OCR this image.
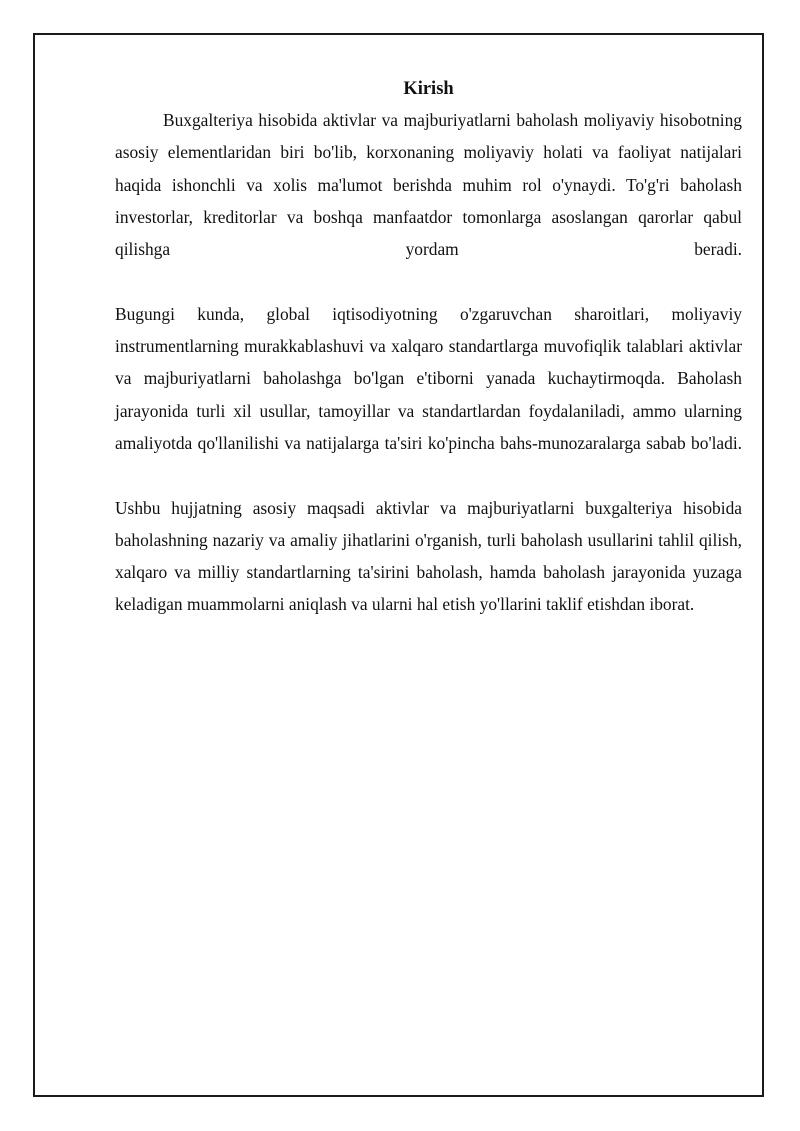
Kirish

Buxgalteriya hisobida aktivlar va majburiyatlarni baholash moliyaviy hisobotning asosiy elementlaridan biri bo'lib, korxonaning moliyaviy holati va faoliyat natijalari haqida ishonchli va xolis ma'lumot berishda muhim rol o'ynaydi. To'g'ri baholash investorlar, kreditorlar va boshqa manfaatdor tomonlarga asoslangan qarorlar qabul qilishga yordam beradi.

Bugungi kunda, global iqtisodiyotning o'zgaruvchan sharoitlari, moliyaviy instrumentlarning murakkablashuvi va xalqaro standartlarga muvofiqlik talablari aktivlar va majburiyatlarni baholashga bo'lgan e'tiborni yanada kuchaytirmoqda. Baholash jarayonida turli xil usullar, tamoyillar va standartlardan foydalaniladi, ammo ularning amaliyotda qo'llanilishi va natijalarga ta'siri ko'pincha bahs-munozaralarga sabab bo'ladi.

Ushbu hujjatning asosiy maqsadi aktivlar va majburiyatlarni buxgalteriya hisobida baholashning nazariy va amaliy jihatlarini o'rganish, turli baholash usullarini tahlil qilish, xalqaro va milliy standartlarning ta'sirini baholash, hamda baholash jarayonida yuzaga keladigan muammolarni aniqlash va ularni hal etish yo'llarini taklif etishdan iborat.
